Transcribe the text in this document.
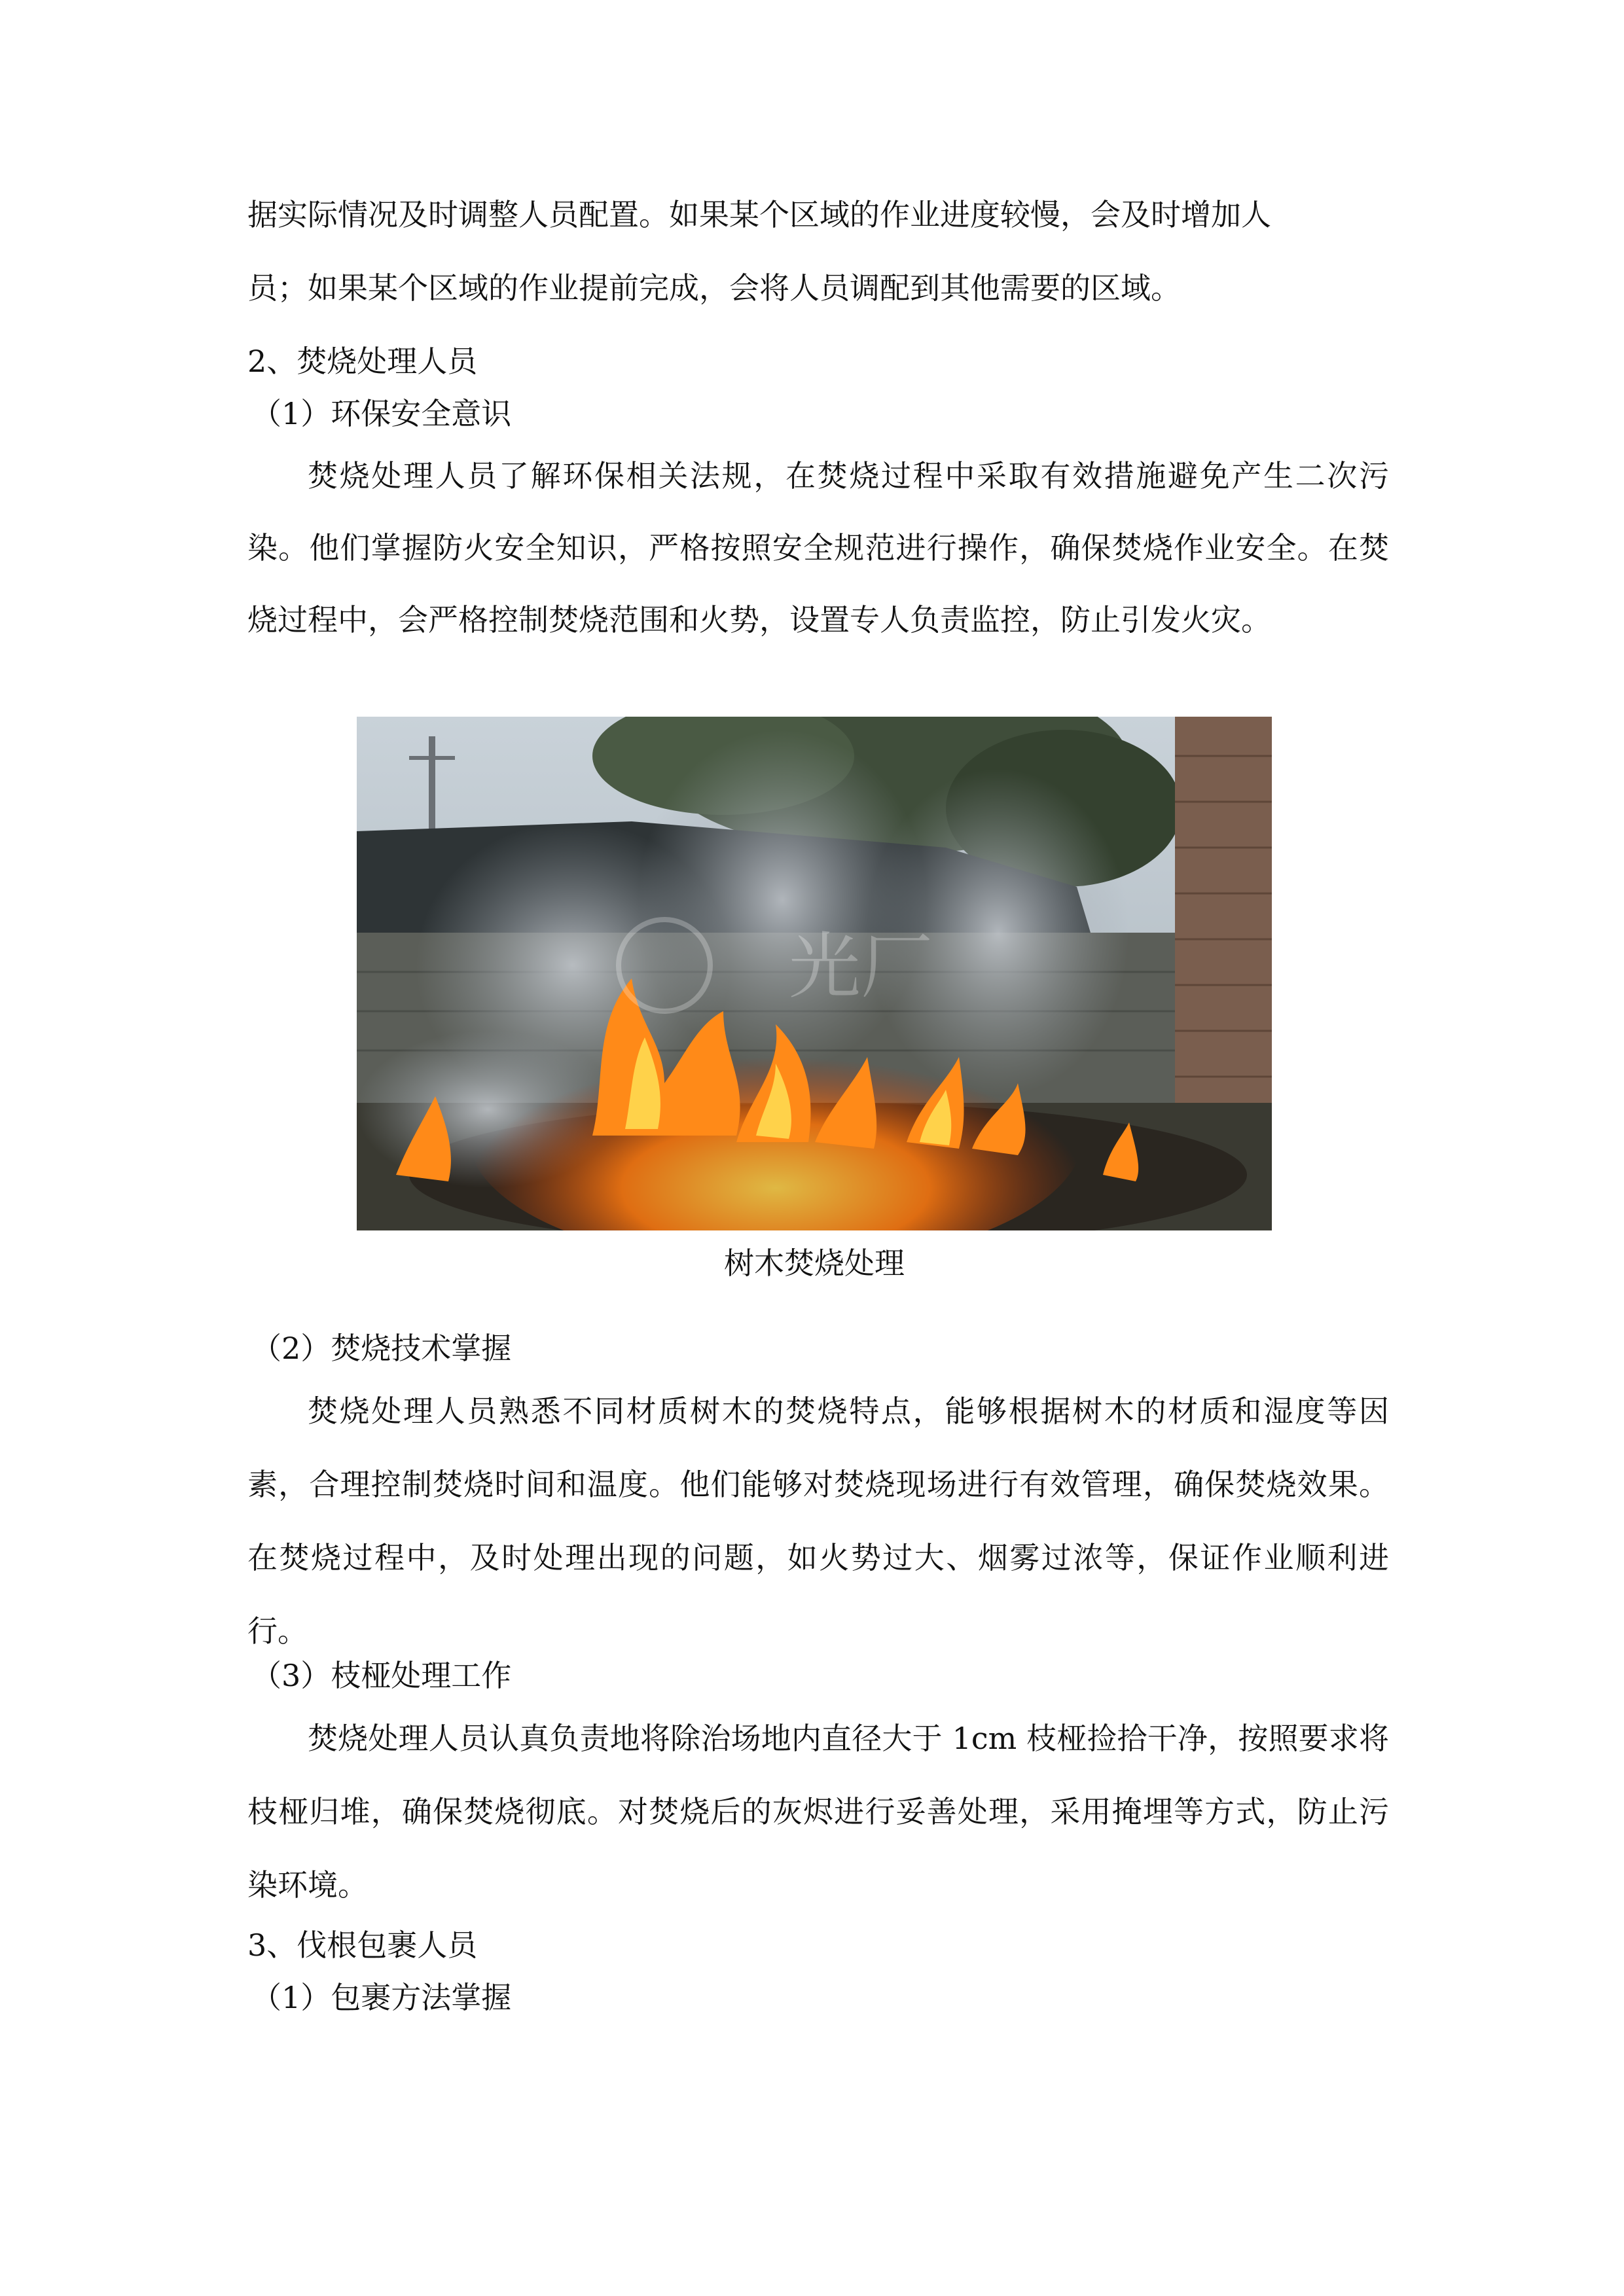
据实际情况及时调整人员配置。如果某个区域的作业进度较慢，会及时增加人

员；如果某个区域的作业提前完成，会将人员调配到其他需要的区域。

2、焚烧处理人员

（1）环保安全意识

焚烧处理人员了解环保相关法规，在焚烧过程中采取有效措施避免产生二次污染。他们掌握防火安全知识，严格按照安全规范进行操作，确保焚烧作业安全。在焚烧过程中，会严格控制焚烧范围和火势，设置专人负责监控，防止引发火灾。

光厂
树木焚烧处理

（2）焚烧技术掌握

焚烧处理人员熟悉不同材质树木的焚烧特点，能够根据树木的材质和湿度等因素，合理控制焚烧时间和温度。他们能够对焚烧现场进行有效管理，确保焚烧效果。在焚烧过程中，及时处理出现的问题，如火势过大、烟雾过浓等，保证作业顺利进行。

（3）枝桠处理工作

焚烧处理人员认真负责地将除治场地内直径大于 1cm 枝桠捡拾干净，按照要求将枝桠归堆，确保焚烧彻底。对焚烧后的灰烬进行妥善处理，采用掩埋等方式，防止污染环境。

3、伐根包裹人员

（1）包裹方法掌握
